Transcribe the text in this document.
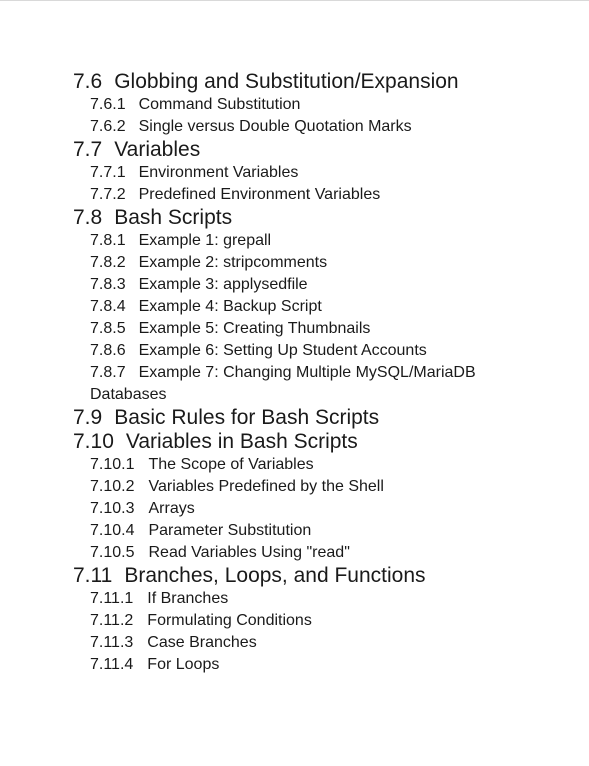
7.6 Globbing and Substitution/Expansion
7.6.1 Command Substitution
7.6.2 Single versus Double Quotation Marks
7.7 Variables
7.7.1 Environment Variables
7.7.2 Predefined Environment Variables
7.8 Bash Scripts
7.8.1 Example 1: grepall
7.8.2 Example 2: stripcomments
7.8.3 Example 3: applysedfile
7.8.4 Example 4: Backup Script
7.8.5 Example 5: Creating Thumbnails
7.8.6 Example 6: Setting Up Student Accounts
7.8.7 Example 7: Changing Multiple MySQL/MariaDB Databases
7.9 Basic Rules for Bash Scripts
7.10 Variables in Bash Scripts
7.10.1 The Scope of Variables
7.10.2 Variables Predefined by the Shell
7.10.3 Arrays
7.10.4 Parameter Substitution
7.10.5 Read Variables Using "read"
7.11 Branches, Loops, and Functions
7.11.1 If Branches
7.11.2 Formulating Conditions
7.11.3 Case Branches
7.11.4 For Loops
